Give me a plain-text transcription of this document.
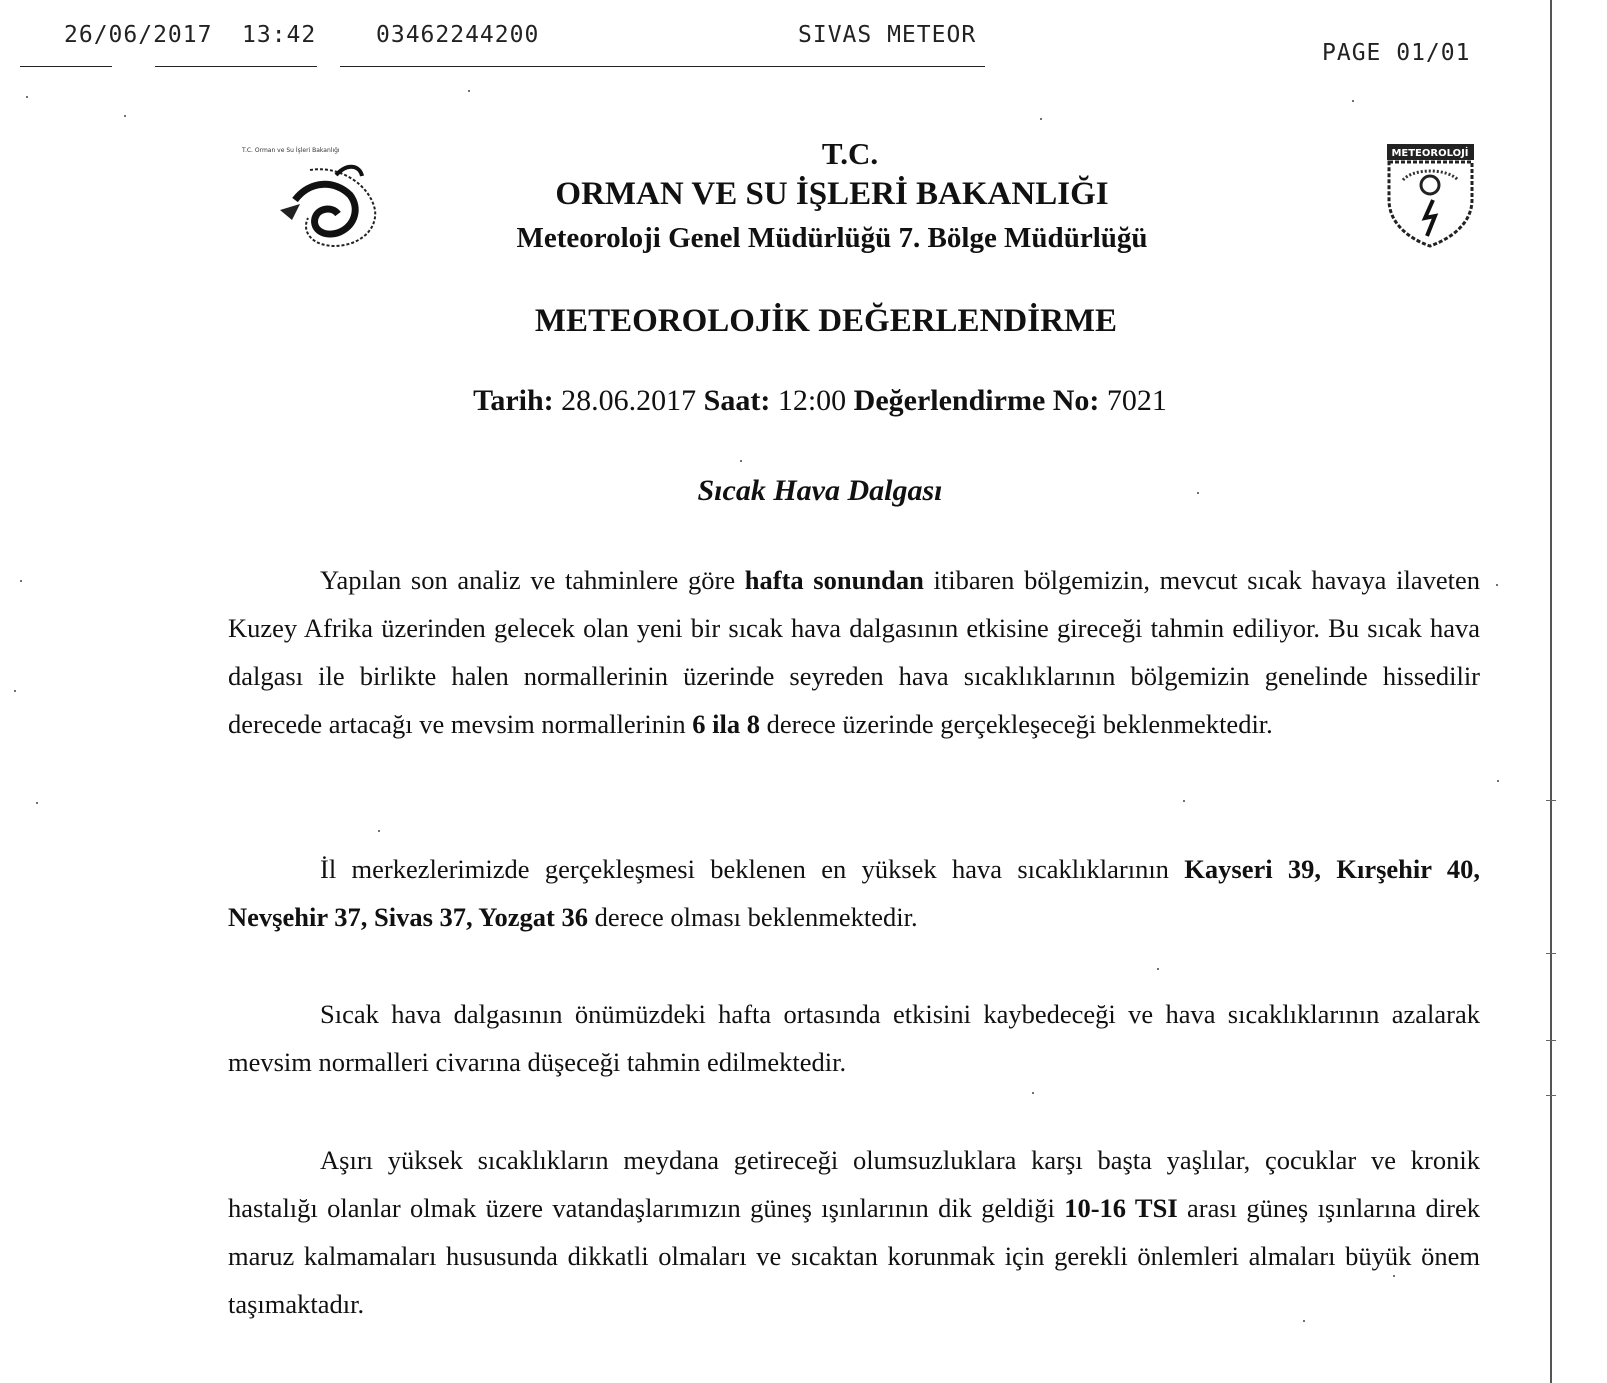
26/06/2017 13:42	03462244200	SIVAS METEOR
PAGE 01/01
T.C. Orman ve Su İşleri Bakanlığı	METEOROLOJİ
T.C.
ORMAN VE SU İŞLERİ BAKANLIĞI
Meteoroloji Genel Müdürlüğü 7. Bölge Müdürlüğü
METEOROLOJİK DEĞERLENDİRME
Tarih: 28.06.2017 Saat: 12:00 Değerlendirme No: 7021
Sıcak Hava Dalgası
Yapılan son analiz ve tahminlere göre hafta sonundan itibaren bölgemizin, mevcut sıcak havaya ilaveten Kuzey Afrika üzerinden gelecek olan yeni bir sıcak hava dalgasının etkisine gireceği tahmin ediliyor. Bu sıcak hava dalgası ile birlikte halen normallerinin üzerinde seyreden hava sıcaklıklarının bölgemizin genelinde hissedilir derecede artacağı ve mevsim normallerinin 6 ila 8 derece üzerinde gerçekleşeceği beklenmektedir.
İl merkezlerimizde gerçekleşmesi beklenen en yüksek hava sıcaklıklarının Kayseri 39, Kırşehir 40, Nevşehir 37, Sivas 37, Yozgat 36 derece olması beklenmektedir.
Sıcak hava dalgasının önümüzdeki hafta ortasında etkisini kaybedeceği ve hava sıcaklıklarının azalarak mevsim normalleri civarına düşeceği tahmin edilmektedir.
Aşırı yüksek sıcaklıkların meydana getireceği olumsuzluklara karşı başta yaşlılar, çocuklar ve kronik hastalığı olanlar olmak üzere vatandaşlarımızın güneş ışınlarının dik geldiği 10-16 TSI arası güneş ışınlarına direk maruz kalmamaları hususunda dikkatli olmaları ve sıcaktan korunmak için gerekli önlemleri almaları büyük önem taşımaktadır.
